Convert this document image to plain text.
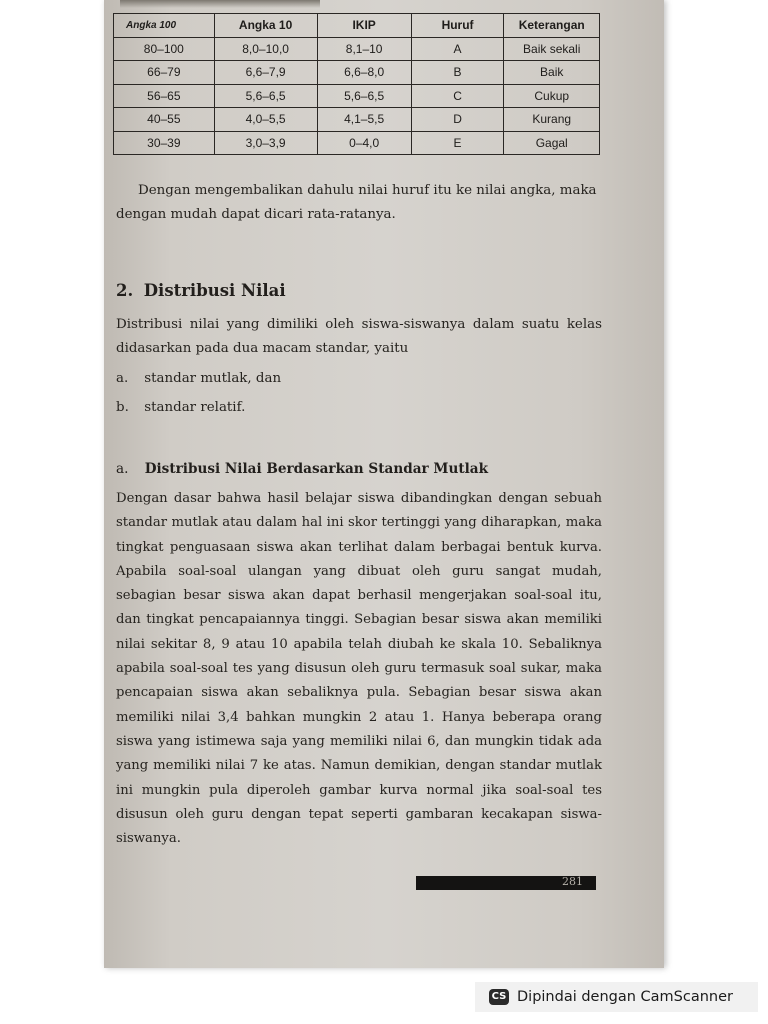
Angka 100	Angka 10	IKIP	Huruf	Keterangan
80–100	8,0–10,0	8,1–10	A	Baik sekali
66–79	6,6–7,9	6,6–8,0	B	Baik
56–65	5,6–6,5	5,6–6,5	C	Cukup
40–55	4,0–5,5	4,1–5,5	D	Kurang
30–39	3,0–3,9	0–4,0	E	Gagal

Dengan mengembalikan dahulu nilai huruf itu ke nilai angka, maka
dengan mudah dapat dicari rata-ratanya.

2. Distribusi Nilai

Distribusi nilai yang dimiliki oleh siswa-siswanya dalam suatu kelas didasarkan pada dua macam standar, yaitu

a. standar mutlak, dan
b. standar relatif.
a. Distribusi Nilai Berdasarkan Standar Mutlak

Dengan dasar bahwa hasil belajar siswa dibandingkan dengan sebuah standar mutlak atau dalam hal ini skor tertinggi yang diharapkan, maka tingkat penguasaan siswa akan terlihat dalam berbagai bentuk kurva. Apabila soal-soal ulangan yang dibuat oleh guru sangat mudah, sebagian besar siswa akan dapat berhasil mengerjakan soal-soal itu, dan tingkat pencapaiannya tinggi. Sebagian besar siswa akan memiliki nilai sekitar 8, 9 atau 10 apabila telah diubah ke skala 10. Sebaliknya apabila soal-soal tes yang disusun oleh guru termasuk soal sukar, maka pencapaian siswa akan sebaliknya pula. Sebagian besar siswa akan memiliki nilai 3,4 bahkan mungkin 2 atau 1. Hanya beberapa orang siswa yang istimewa saja yang memiliki nilai 6, dan mungkin tidak ada yang memiliki nilai 7 ke atas. Namun demikian, dengan standar mutlak ini mungkin pula diperoleh gambar kurva normal jika soal-soal tes disusun oleh guru dengan tepat seperti gambaran kecakapan siswa-siswanya.

281
CS Dipindai dengan CamScanner
